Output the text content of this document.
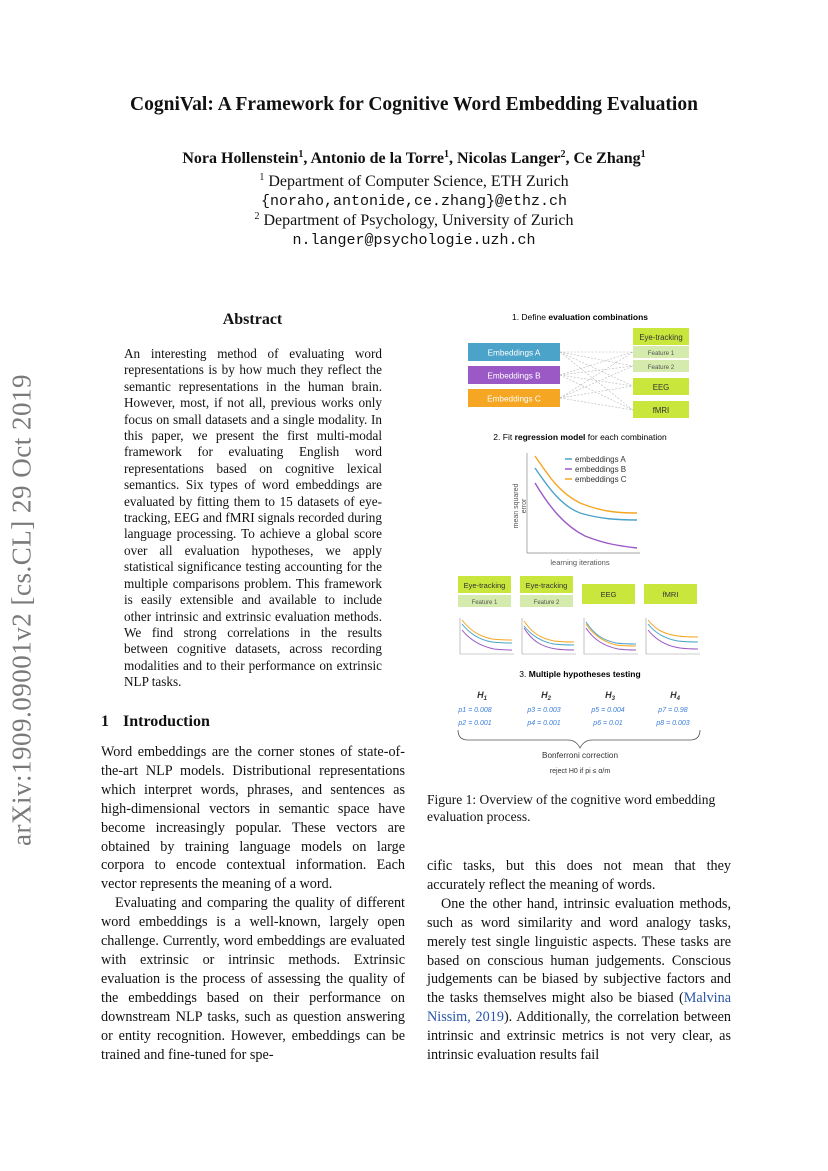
arXiv:1909.09001v2 [cs.CL] 29 Oct 2019
CogniVal: A Framework for Cognitive Word Embedding Evaluation
Nora Hollenstein$^1$, Antonio de la Torre$^1$, Nicolas Langer$^2$, Ce Zhang$^1$
$^1$ Department of Computer Science, ETH Zurich
{noraho,antonide,ce.zhang}@ethz.ch
$^2$ Department of Psychology, University of Zurich
n.langer@psychologie.uzh.ch
Abstract
An interesting method of evaluating word representations is by how much they reflect the semantic representations in the human brain. However, most, if not all, previous works only focus on small datasets and a single modality. In this paper, we present the first multi-modal framework for evaluating English word representations based on cognitive lexical semantics. Six types of word embeddings are evaluated by fitting them to 15 datasets of eye-tracking, EEG and fMRI signals recorded during language processing. To achieve a global score over all evaluation hypotheses, we apply statistical significance testing accounting for the multiple comparisons problem. This framework is easily extensible and available to include other intrinsic and extrinsic evaluation methods. We find strong correlations in the results between cognitive datasets, across recording modalities and to their performance on extrinsic NLP tasks.
1 Introduction

Word embeddings are the corner stones of state-of-the-art NLP models. Distributional representations which interpret words, phrases, and sentences as high-dimensional vectors in semantic space have become increasingly popular. These vectors are obtained by training language models on large corpora to encode contextual information. Each vector represents the meaning of a word.

Evaluating and comparing the quality of different word embeddings is a well-known, largely open challenge. Currently, word embeddings are evaluated with extrinsic or intrinsic methods. Extrinsic evaluation is the process of assessing the quality of the embeddings based on their performance on downstream NLP tasks, such as question answering or entity recognition. However, embeddings can be trained and fine-tuned for spe-

cific tasks, but this does not mean that they accurately reflect the meaning of words.

One the other hand, intrinsic evaluation methods, such as word similarity and word analogy tasks, merely test single linguistic aspects. These tasks are based on conscious human judgements. Conscious judgements can be biased by subjective factors and the tasks themselves might also be biased (Malvina Nissim, 2019). Additionally, the correlation between intrinsic and extrinsic metrics is not very clear, as intrinsic evaluation results fail

1. Define evaluation combinations
Embeddings A
Embeddings B
Embeddings C
Eye-tracking
Feature 1
Feature 2
EEG
fMRI
2. Fit regression model for each combination
mean squared error
learning iterations
embeddings A
embeddings B
embeddings C
Eye-tracking
Feature 1
Eye-tracking
Feature 2
EEG	fMRI
3. Multiple hypotheses testing
$H_1$
p1 = 0.008
p2 = 0.001
$H_2$
p3 = 0.003
p4 = 0.001
$H_3$
p5 = 0.004
p6 = 0.01
$H_4$
p7 = 0.98
p8 = 0.003
Bonferroni correction
reject H0 if pi ≤ α/m
Figure 1: Overview of the cognitive word embedding evaluation process.
